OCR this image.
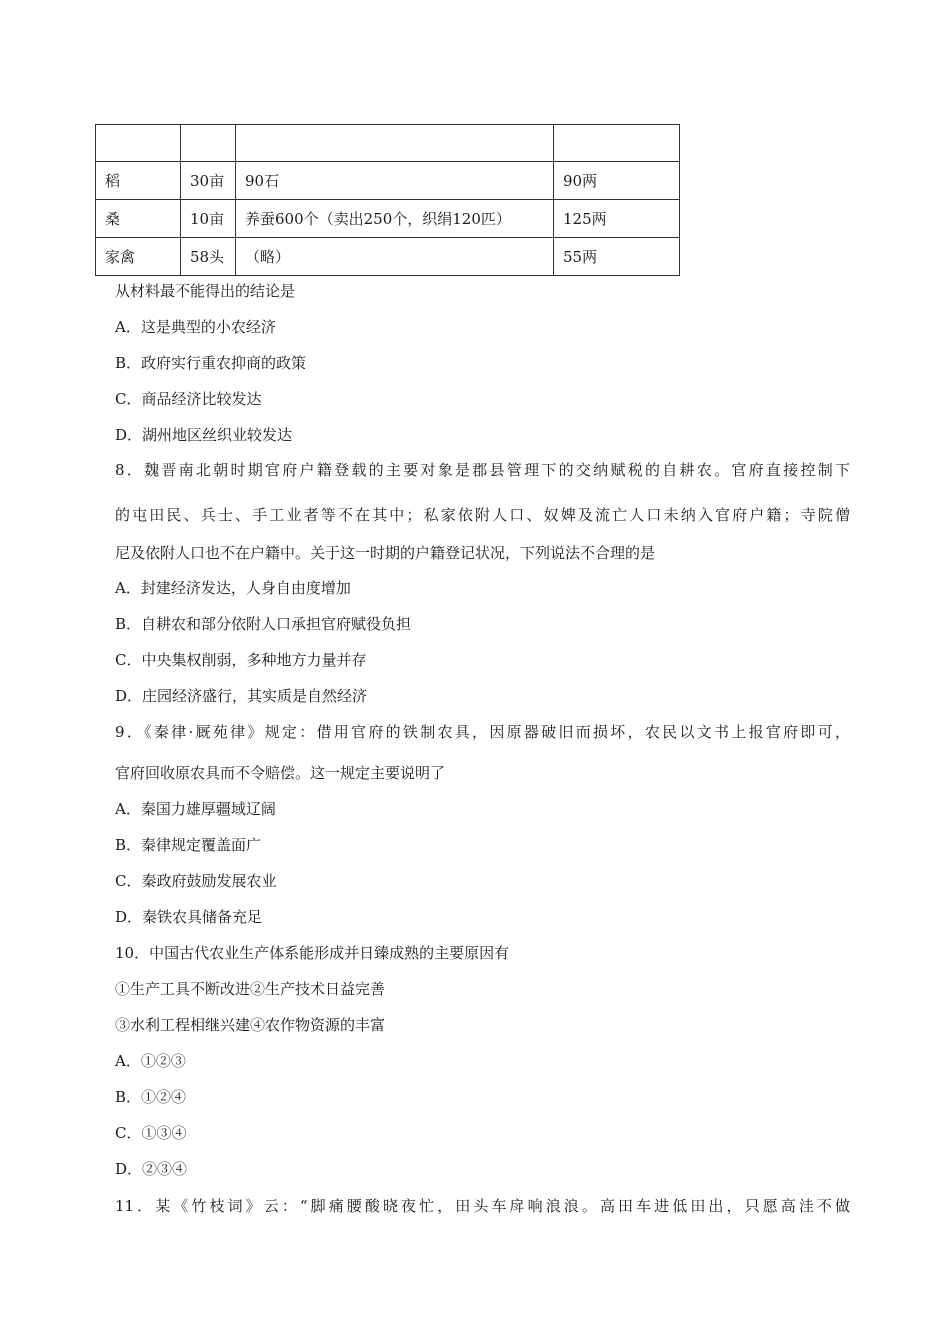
稻	30亩	90石	90两
桑	10亩	养蚕600个（卖出250个，织绢120匹）	125两
家禽	58头	（略）	55两
从材料最不能得出的结论是
A．这是典型的小农经济
B．政府实行重农抑商的政策
C．商品经济比较发达
D．湖州地区丝织业较发达
8．魏晋南北朝时期官府户籍登载的主要对象是郡县管理下的交纳赋税的自耕农。官府直接控制下
的屯田民、兵士、手工业者等不在其中；私家依附人口、奴婢及流亡人口未纳入官府户籍；寺院僧
尼及依附人口也不在户籍中。关于这一时期的户籍登记状况，下列说法不合理的是
A．封建经济发达，人身自由度增加
B．自耕农和部分依附人口承担官府赋役负担
C．中央集权削弱，多种地方力量并存
D．庄园经济盛行，其实质是自然经济
9．《秦律·厩苑律》规定：借用官府的铁制农具，因原器破旧而损坏，农民以文书上报官府即可，
官府回收原农具而不令赔偿。这一规定主要说明了
A．秦国力雄厚疆域辽阔
B．秦律规定覆盖面广
C．秦政府鼓励发展农业
D．秦铁农具储备充足
10．中国古代农业生产体系能形成并日臻成熟的主要原因有
①生产工具不断改进②生产技术日益完善
③水利工程相继兴建④农作物资源的丰富
A．①②③
B．①②④
C．①③④
D．②③④
11．某《竹枝词》云：“脚痛腰酸晓夜忙，田头车戽响浪浪。高田车进低田出，只愿高洼不做
